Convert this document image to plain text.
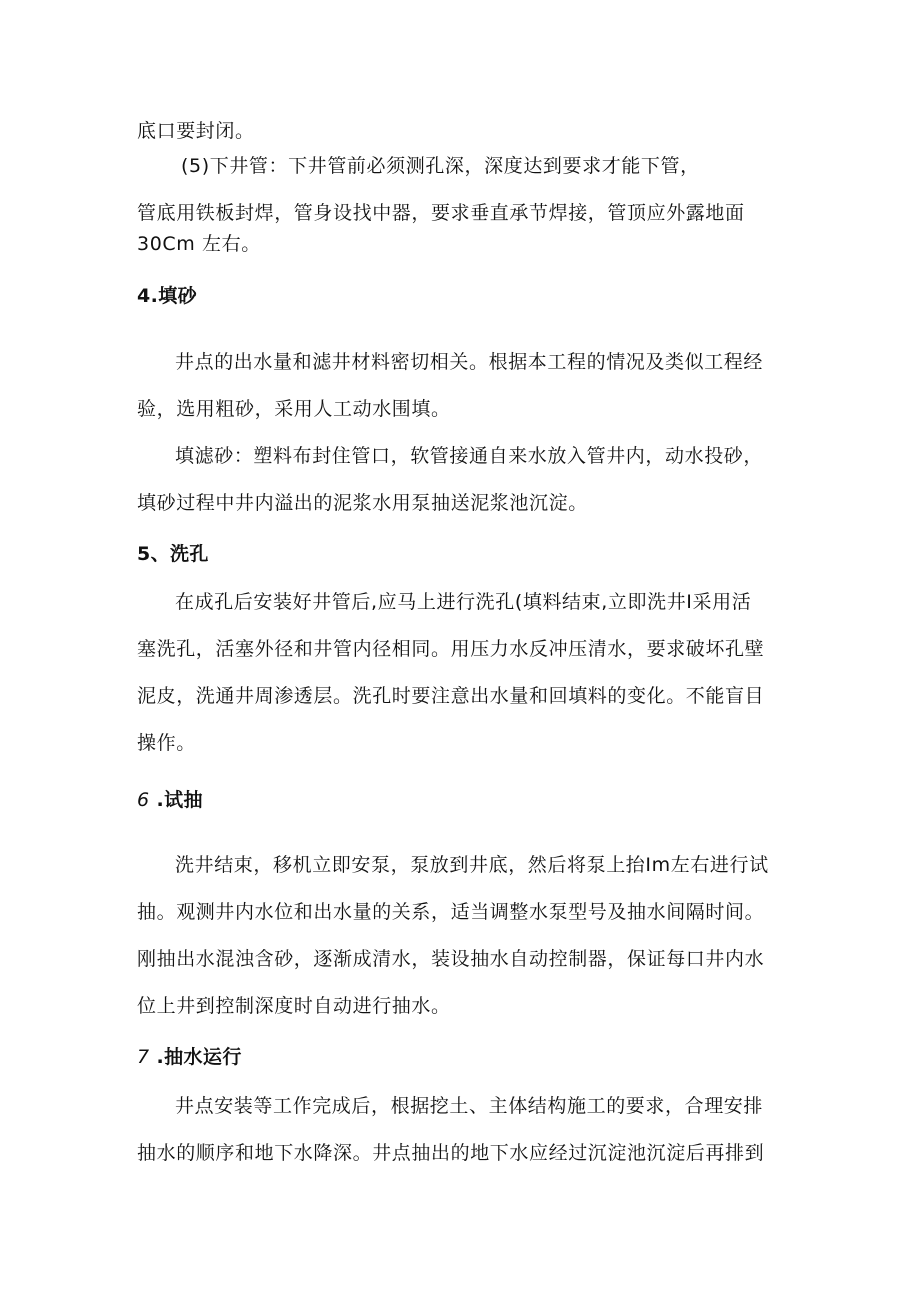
底口要封闭。
(5)下井管：下井管前必须测孔深，深度达到要求才能下管，
管底用铁板封焊，管身设找中器，要求垂直承节焊接，管顶应外露地面
30Cm 左右。
4.填砂
井点的出水量和滤井材料密切相关。根据本工程的情况及类似工程经
验，选用粗砂，采用人工动水围填。
填滤砂：塑料布封住管口，软管接通自来水放入管井内，动水投砂，
填砂过程中井内溢出的泥浆水用泵抽送泥浆池沉淀。
5、洗孔
在成孔后安装好井管后,应马上进行洗孔(填料结束,立即洗井I采用活
塞洗孔，活塞外径和井管内径相同。用压力水反冲压清水，要求破坏孔壁
泥皮，洗通井周渗透层。洗孔时要注意出水量和回填料的变化。不能盲目
操作。
6 .试抽
洗井结束，移机立即安泵，泵放到井底，然后将泵上抬Im左右进行试
抽。观测井内水位和出水量的关系，适当调整水泵型号及抽水间隔时间。
刚抽出水混浊含砂，逐渐成清水，装设抽水自动控制器，保证每口井内水
位上井到控制深度时自动进行抽水。
7 .抽水运行
井点安装等工作完成后，根据挖土、主体结构施工的要求，合理安排
抽水的顺序和地下水降深。井点抽出的地下水应经过沉淀池沉淀后再排到
